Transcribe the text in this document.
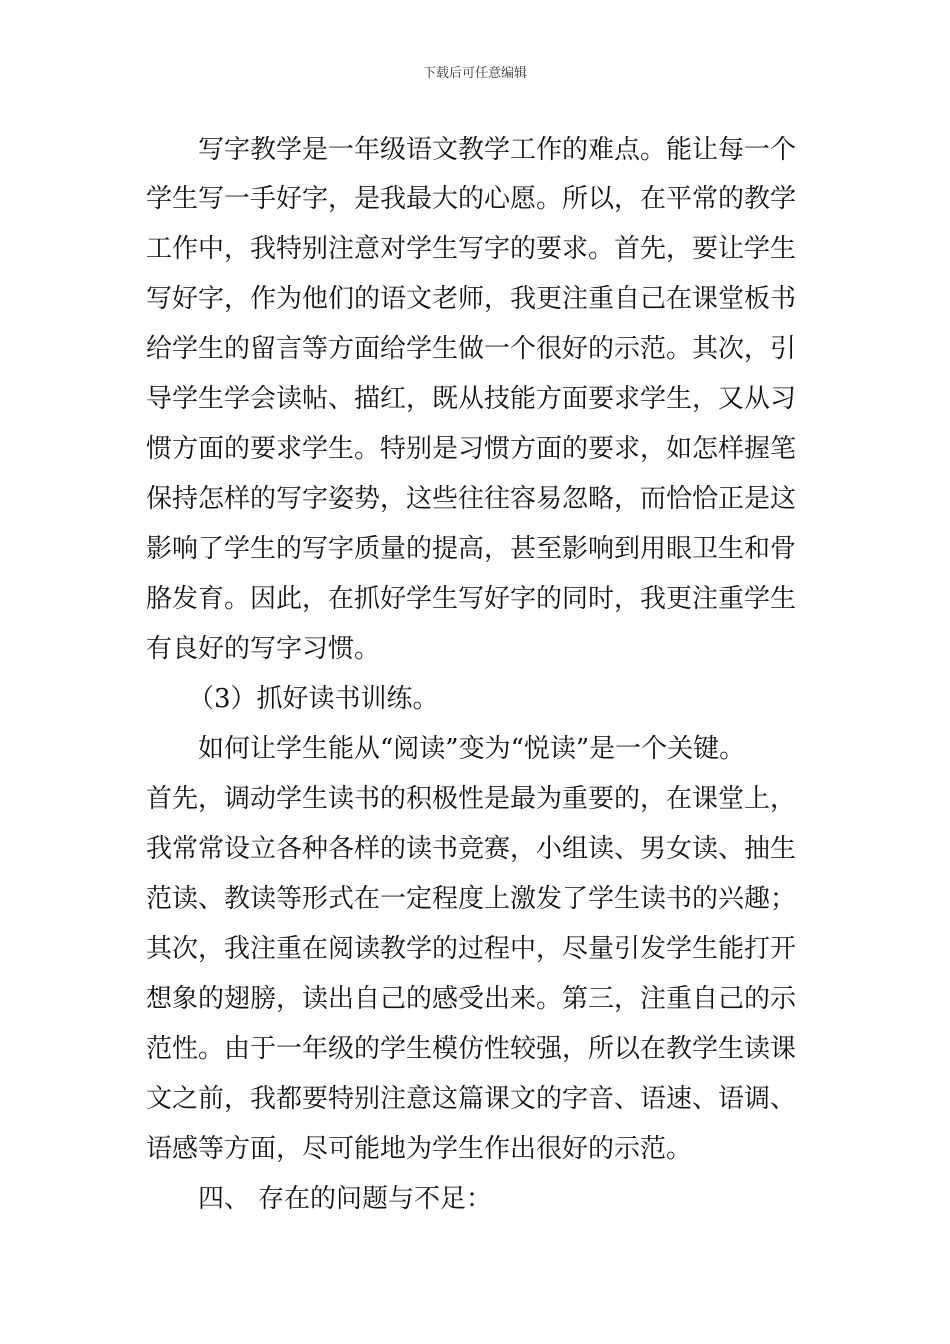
下载后可任意编辑
写字教学是一年级语文教学工作的难点。能让每一个
学生写一手好字，是我最大的心愿。所以，在平常的教学
工作中，我特别注意对学生写字的要求。首先，要让学生
写好字，作为他们的语文老师，我更注重自己在课堂板书
给学生的留言等方面给学生做一个很好的示范。其次，引
导学生学会读帖、描红，既从技能方面要求学生，又从习
惯方面的要求学生。特别是习惯方面的要求，如怎样握笔
保持怎样的写字姿势，这些往往容易忽略，而恰恰正是这
影响了学生的写字质量的提高，甚至影响到用眼卫生和骨
胳发育。因此，在抓好学生写好字的同时，我更注重学生
有良好的写字习惯。
（3）抓好读书训练。
如何让学生能从“阅读”变为“悦读”是一个关键。
首先，调动学生读书的积极性是最为重要的，在课堂上，
我常常设立各种各样的读书竞赛，小组读、男女读、抽生
范读、教读等形式在一定程度上激发了学生读书的兴趣；
其次，我注重在阅读教学的过程中，尽量引发学生能打开
想象的翅膀，读出自己的感受出来。第三，注重自己的示
范性。由于一年级的学生模仿性较强，所以在教学生读课
文之前，我都要特别注意这篇课文的字音、语速、语调、
语感等方面，尽可能地为学生作出很好的示范。
四、 存在的问题与不足：
